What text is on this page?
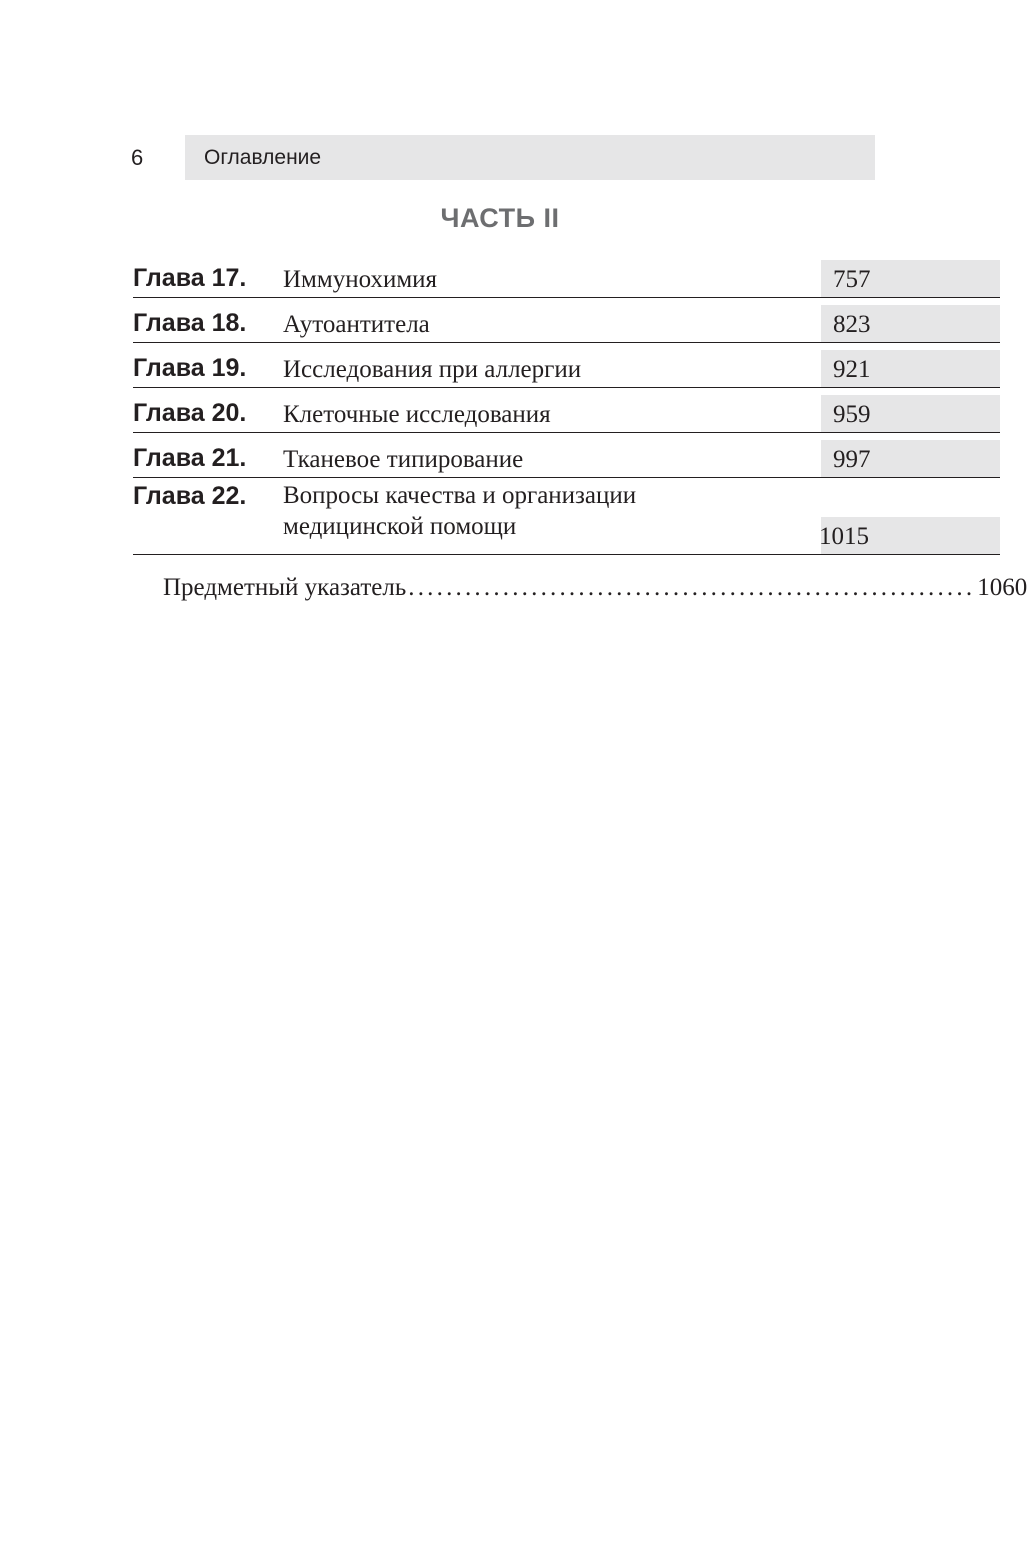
6	Оглавление
ЧАСТЬ II
Глава 17. Иммунохимия	757
Глава 18. Аутоантитела	823
Глава 19. Исследования при аллергии	921
Глава 20. Клеточные исследования	959
Глава 21. Тканевое типирование	997
Глава 22. Вопросы качества и организации
медицинской помощи	1015
Предметный указатель ............................................................ 1060
